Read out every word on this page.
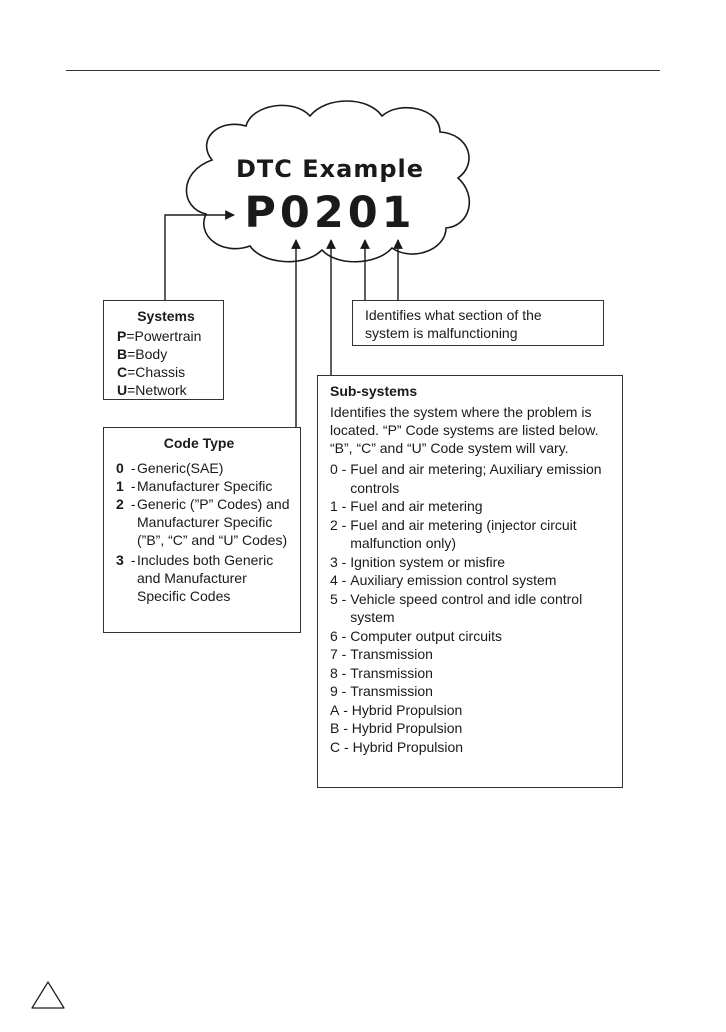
DTC Example
P0201
Systems
P=Powertrain
B=Body
C=Chassis
U=Network
Identifies what section of the
system is malfunctioning
Code Type
0 - Generic(SAE)
1 - Manufacturer Specific
2 - Generic (”P” Codes) and Manufacturer Specific (”B”, “C” and “U” Codes)
3 - Includes both Generic and Manufacturer Specific Codes
Sub-systems
Identifies the system where the problem is located. “P” Code systems are listed below. “B”, “C” and “U” Code system will vary.
0 - Fuel and air metering; Auxiliary emission controls
1 - Fuel and air metering
2 - Fuel and air metering (injector circuit malfunction only)
3 - Ignition system or misfire
4 - Auxiliary emission control system
5 - Vehicle speed control and idle control system
6 - Computer output circuits
7 - Transmission
8 - Transmission
9 - Transmission
A - Hybrid Propulsion
B - Hybrid Propulsion
C - Hybrid Propulsion
